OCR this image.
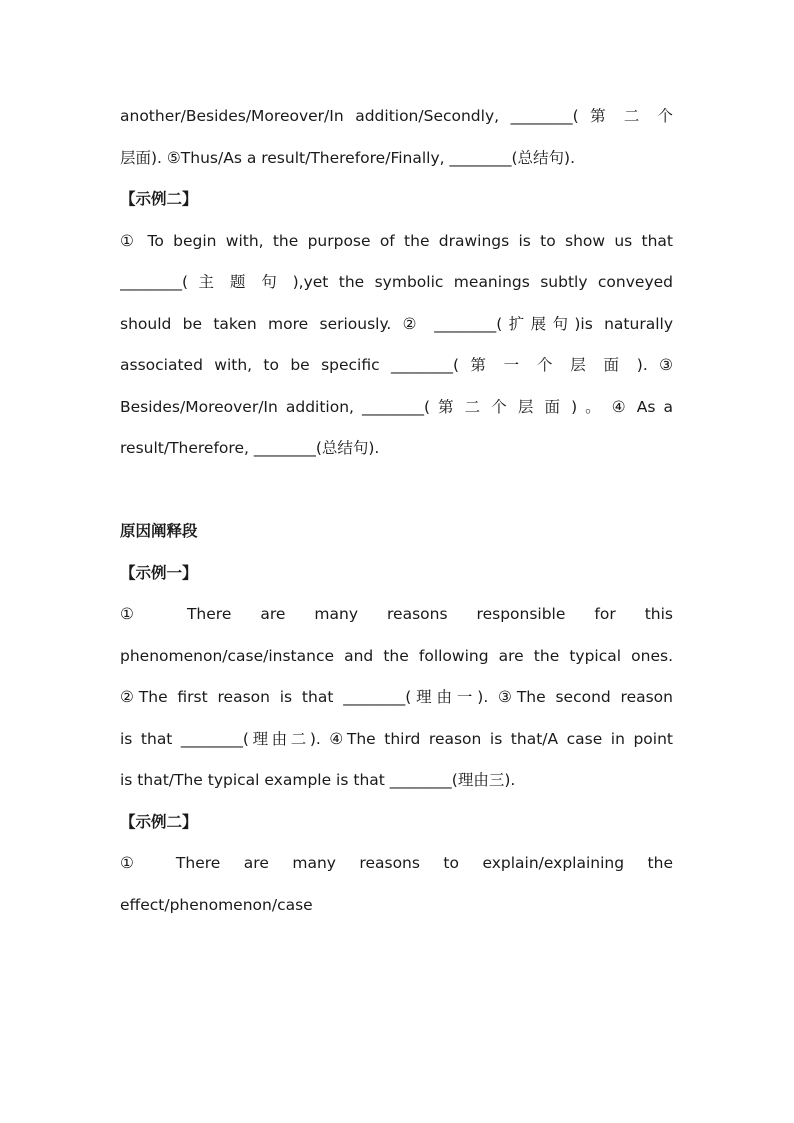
another/Besides/Moreover/In addition/Secondly, ________( 第 二 个
层面). ⑤Thus/As a result/Therefore/Finally, ________(总结句).
【示例二】
① To begin with, the purpose of the drawings is to show us that
________( 主 题 句 ),yet the symbolic meanings subtly conveyed
should be taken more seriously. ② ________(扩展句)is naturally
associated with, to be specific ________( 第 一 个 层 面 ). ③
Besides/Moreover/In addition, ________( 第 二 个 层 面 ) 。 ④ As a
result/Therefore, ________(总结句).
原因阐释段
【示例一】
① There are many reasons responsible for this
phenomenon/case/instance and the following are the typical ones.
②The first reason is that ________(理由一). ③The second reason
is that ________(理由二). ④The third reason is that/A case in point
is that/The typical example is that ________(理由三).
【示例二】
① There are many reasons to explain/explaining the
effect/phenomenon/case
